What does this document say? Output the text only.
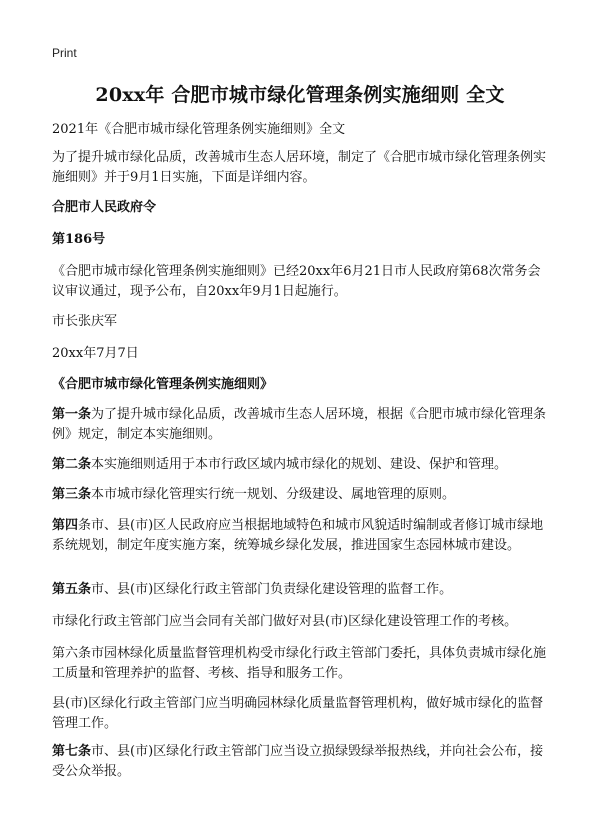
Print
20xx年 合肥市城市绿化管理条例实施细则 全文

2021年《合肥市城市绿化管理条例实施细则》全文

为了提升城市绿化品质，改善城市生态人居环境，制定了《合肥市城市绿化管理条例实施细则》并于9月1日实施，下面是详细内容。

合肥市人民政府令

第186号

《合肥市城市绿化管理条例实施细则》已经20xx年6月21日市人民政府第68次常务会议审议通过，现予公布，自20xx年9月1日起施行。

市长张庆军

20xx年7月7日

《合肥市城市绿化管理条例实施细则》

第一条为了提升城市绿化品质，改善城市生态人居环境，根据《合肥市城市绿化管理条例》规定，制定本实施细则。

第二条本实施细则适用于本市行政区域内城市绿化的规划、建设、保护和管理。

第三条本市城市绿化管理实行统一规划、分级建设、属地管理的原则。

第四条市、县(市)区人民政府应当根据地域特色和城市风貌适时编制或者修订城市绿地系统规划，制定年度实施方案，统筹城乡绿化发展，推进国家生态园林城市建设。

第五条市、县(市)区绿化行政主管部门负责绿化建设管理的监督工作。

市绿化行政主管部门应当会同有关部门做好对县(市)区绿化建设管理工作的考核。

第六条市园林绿化质量监督管理机构受市绿化行政主管部门委托，具体负责城市绿化施工质量和管理养护的监督、考核、指导和服务工作。

县(市)区绿化行政主管部门应当明确园林绿化质量监督管理机构，做好城市绿化的监督管理工作。

第七条市、县(市)区绿化行政主管部门应当设立损绿毁绿举报热线，并向社会公布，接受公众举报。
